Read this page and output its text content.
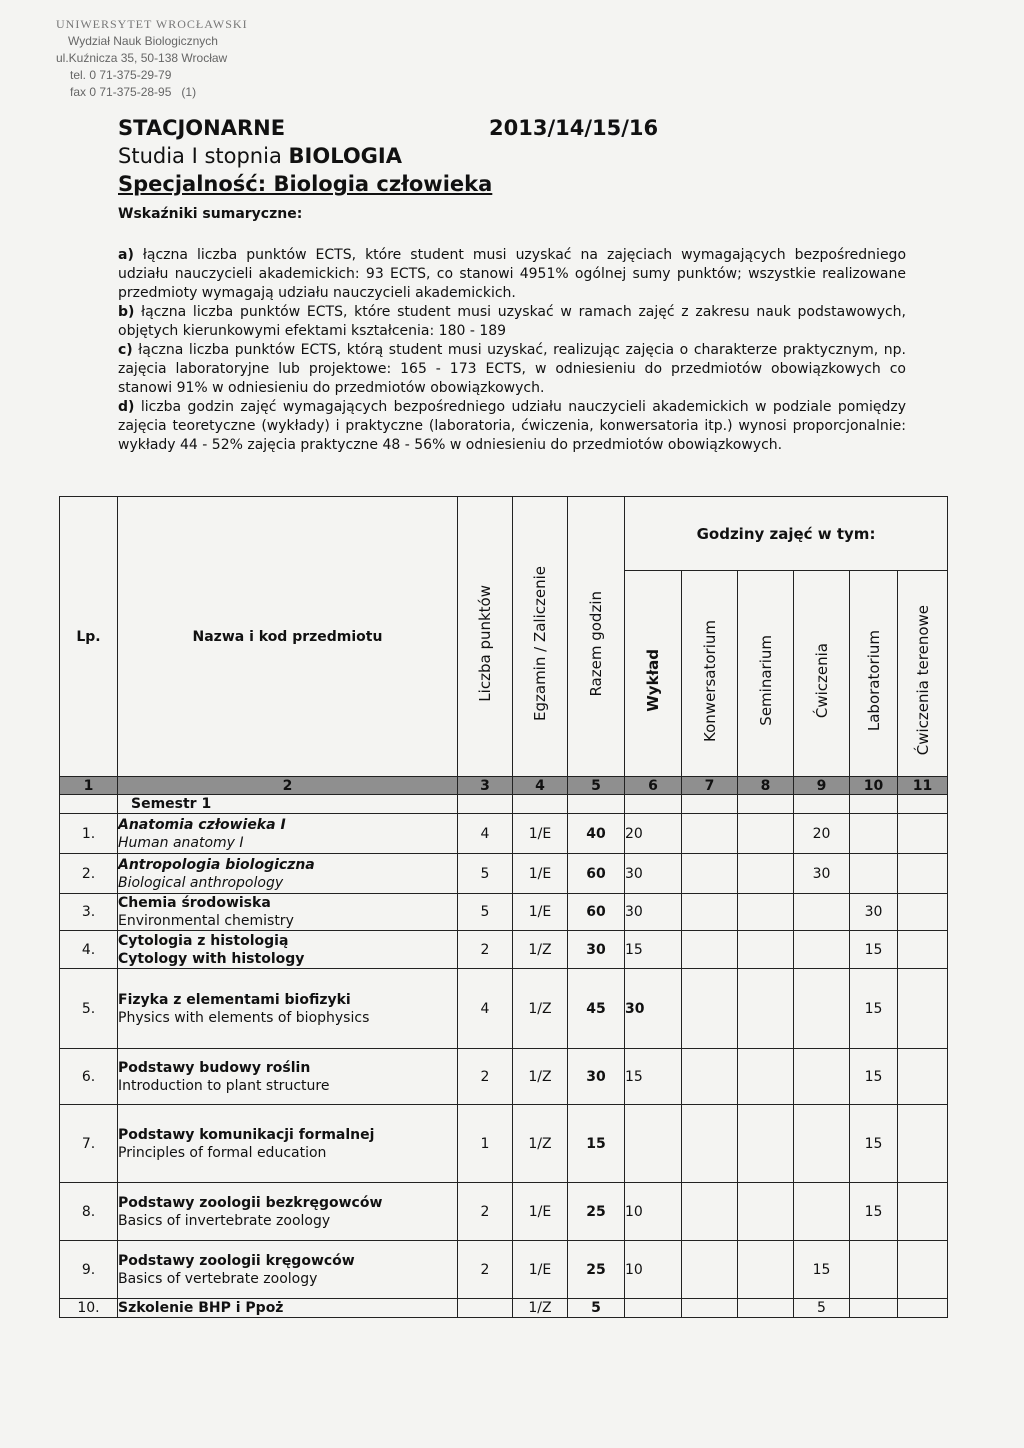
UNIWERSYTET WROCŁAWSKI
Wydział Nauk Biologicznych
ul.Kuźnicza 35, 50-138 Wrocław
tel. 0 71-375-29-79
fax 0 71-375-28-95 (1)
STACJONARNE
Studia I stopnia BIOLOGIA
Specjalność: Biologia człowieka
2013/14/15/16
Wskaźniki sumaryczne:

a) łączna liczba punktów ECTS, które student musi uzyskać na zajęciach wymagających bezpośredniego udziału nauczycieli akademickich: 93 ECTS, co stanowi 4951% ogólnej sumy punktów; wszystkie realizowane przedmioty wymagają udziału nauczycieli akademickich.

b) łączna liczba punktów ECTS, które student musi uzyskać w ramach zajęć z zakresu nauk podstawowych, objętych kierunkowymi efektami kształcenia: 180 - 189

c) łączna liczba punktów ECTS, którą student musi uzyskać, realizując zajęcia o charakterze praktycznym, np. zajęcia laboratoryjne lub projektowe: 165 - 173 ECTS, w odniesieniu do przedmiotów obowiązkowych co stanowi 91% w odniesieniu do przedmiotów obowiązkowych.

d) liczba godzin zajęć wymagających bezpośredniego udziału nauczycieli akademickich w podziale pomiędzy zajęcia teoretyczne (wykłady) i praktyczne (laboratoria, ćwiczenia, konwersatoria itp.) wynosi proporcjonalnie: wykłady 44 - 52% zajęcia praktyczne 48 - 56% w odniesieniu do przedmiotów obowiązkowych.

Lp.	Nazwa i kod przedmiotu	Liczba punktów	Egzamin / Zaliczenie	Razem godzin	Godziny zajęć w tym:					

					Wykład	Konwersatorium	Seminarium	Ćwiczenia	Laboratorium	Ćwiczenia terenowe

1	2	3	4	5	6	7	8	9	10	11
	Semestr 1									
1.	Anatomia człowieka I
Human anatomy I	4	1/E	40	20			20		
2.	Antropologia biologiczna
Biological anthropology	5	1/E	60	30			30		
3.	Chemia środowiska
Environmental chemistry	5	1/E	60	30				30	
4.	Cytologia z histologią
Cytology with histology	2	1/Z	30	15				15	
5.	Fizyka z elementami biofizyki
Physics with elements of biophysics	4	1/Z	45	30				15	
6.	Podstawy budowy roślin
Introduction to plant structure	2	1/Z	30	15				15	
7.	Podstawy komunikacji formalnej
Principles of formal education	1	1/Z	15					15	
8.	Podstawy zoologii bezkręgowców
Basics of invertebrate zoology	2	1/E	25	10				15	
9.	Podstawy zoologii kręgowców
Basics of vertebrate zoology	2	1/E	25	10			15		
10.	Szkolenie BHP i Ppoż		1/Z	5				5		
